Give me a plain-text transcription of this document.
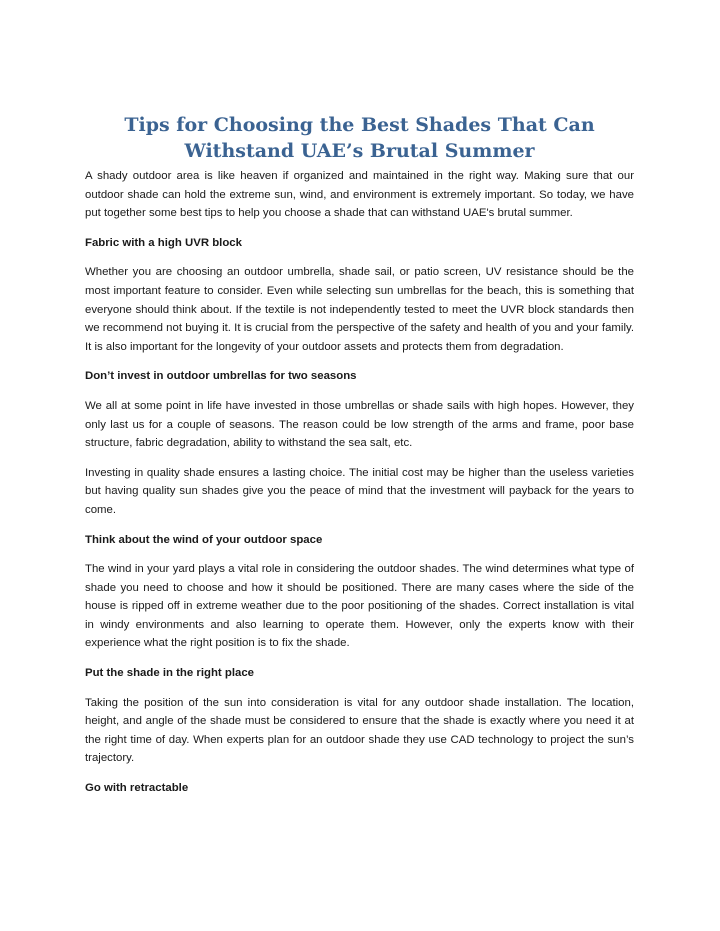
Tips for Choosing the Best Shades That Can Withstand UAE’s Brutal Summer

A shady outdoor area is like heaven if organized and maintained in the right way. Making sure that our outdoor shade can hold the extreme sun, wind, and environment is extremely important. So today, we have put together some best tips to help you choose a shade that can withstand UAE's brutal summer.

Fabric with a high UVR block

Whether you are choosing an outdoor umbrella, shade sail, or patio screen, UV resistance should be the most important feature to consider. Even while selecting sun umbrellas for the beach, this is something that everyone should think about. If the textile is not independently tested to meet the UVR block standards then we recommend not buying it. It is crucial from the perspective of the safety and health of you and your family. It is also important for the longevity of your outdoor assets and protects them from degradation.

Don’t invest in outdoor umbrellas for two seasons

We all at some point in life have invested in those umbrellas or shade sails with high hopes. However, they only last us for a couple of seasons. The reason could be low strength of the arms and frame, poor base structure, fabric degradation, ability to withstand the sea salt, etc.

Investing in quality shade ensures a lasting choice. The initial cost may be higher than the useless varieties but having quality sun shades give you the peace of mind that the investment will payback for the years to come.

Think about the wind of your outdoor space

The wind in your yard plays a vital role in considering the outdoor shades. The wind determines what type of shade you need to choose and how it should be positioned. There are many cases where the side of the house is ripped off in extreme weather due to the poor positioning of the shades. Correct installation is vital in windy environments and also learning to operate them. However, only the experts know with their experience what the right position is to fix the shade.

Put the shade in the right place

Taking the position of the sun into consideration is vital for any outdoor shade installation. The location, height, and angle of the shade must be considered to ensure that the shade is exactly where you need it at the right time of day. When experts plan for an outdoor shade they use CAD technology to project the sun’s trajectory.

Go with retractable
